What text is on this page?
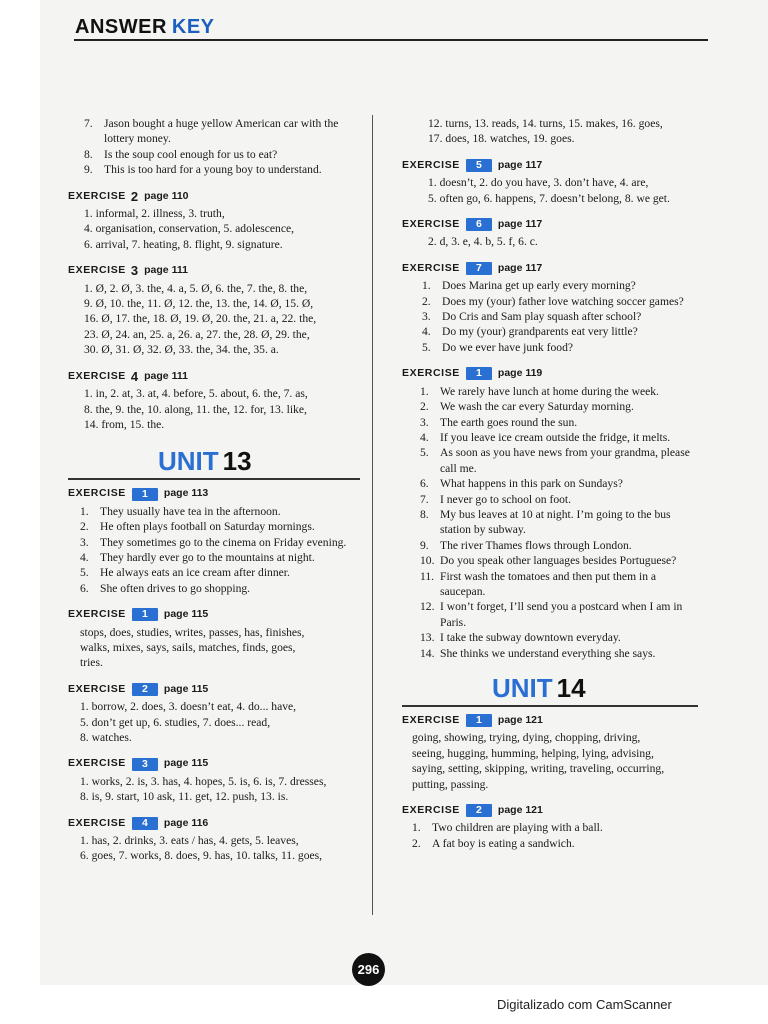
ANSWER KEY
7. Jason bought a huge yellow American car with the lottery money.
8. Is the soup cool enough for us to eat?
9. This is too hard for a young boy to understand.
EXERCISE 2 page 110
1. informal, 2. illness, 3. truth,
4. organisation, conservation, 5. adolescence,
6. arrival, 7. heating, 8. flight, 9. signature.
EXERCISE 3 page 111
1. Ø, 2. Ø, 3. the, 4. a, 5. Ø, 6. the, 7. the, 8. the,
9. Ø, 10. the, 11. Ø, 12. the, 13. the, 14. Ø, 15. Ø,
16. Ø, 17. the, 18. Ø, 19. Ø, 20. the, 21. a, 22. the,
23. Ø, 24. an, 25. a, 26. a, 27. the, 28. Ø, 29. the,
30. Ø, 31. Ø, 32. Ø, 33. the, 34. the, 35. a.
EXERCISE 4 page 111
1. in, 2. at, 3. at, 4. before, 5. about, 6. the, 7. as,
8. the, 9. the, 10. along, 11. the, 12. for, 13. like,
14. from, 15. the.
UNIT 13
EXERCISE	1	page 113
1. They usually have tea in the afternoon.
2. He often plays football on Saturday mornings.
3. They sometimes go to the cinema on Friday evening.
4. They hardly ever go to the mountains at night.
5. He always eats an ice cream after dinner.
6. She often drives to go shopping.
EXERCISE	1	page 115
stops, does, studies, writes, passes, has, finishes,
walks, mixes, says, sails, matches, finds, goes,
tries.
EXERCISE	2	page 115
1. borrow, 2. does, 3. doesn’t eat, 4. do... have,
5. don’t get up, 6. studies, 7. does... read,
8. watches.
EXERCISE	3	page 115
1. works, 2. is, 3. has, 4. hopes, 5. is, 6. is, 7. dresses,
8. is, 9. start, 10 ask, 11. get, 12. push, 13. is.
EXERCISE	4	page 116
1. has, 2. drinks, 3. eats / has, 4. gets, 5. leaves,
6. goes, 7. works, 8. does, 9. has, 10. talks, 11. goes,
12. turns, 13. reads, 14. turns, 15. makes, 16. goes,
17. does, 18. watches, 19. goes.
EXERCISE	5	page 117
1. doesn’t, 2. do you have, 3. don’t have, 4. are,
5. often go, 6. happens, 7. doesn’t belong, 8. we get.
EXERCISE	6	page 117
2. d, 3. e, 4. b, 5. f, 6. c.
EXERCISE	7	page 117
1. Does Marina get up early every morning?
2. Does my (your) father love watching soccer games?
3. Do Cris and Sam play squash after school?
4. Do my (your) grandparents eat very little?
5. Do we ever have junk food?
EXERCISE	1	page 119
1. We rarely have lunch at home during the week.
2. We wash the car every Saturday morning.
3. The earth goes round the sun.
4. If you leave ice cream outside the fridge, it melts.
5. As soon as you have news from your grandma, please call me.
6. What happens in this park on Sundays?
7. I never go to school on foot.
8. My bus leaves at 10 at night. I’m going to the bus station by subway.
9. The river Thames flows through London.
10. Do you speak other languages besides Portuguese?
11. First wash the tomatoes and then put them in a saucepan.
12. I won’t forget, I’ll send you a postcard when I am in Paris.
13. I take the subway downtown everyday.
14. She thinks we understand everything she says.
UNIT 14
EXERCISE	1	page 121
going, showing, trying, dying, chopping, driving,
seeing, hugging, humming, helping, lying, advising,
saying, setting, skipping, writing, traveling, occurring,
putting, passing.
EXERCISE	2	page 121
1. Two children are playing with a ball.
2. A fat boy is eating a sandwich.
296
Digitalizado com CamScanner
